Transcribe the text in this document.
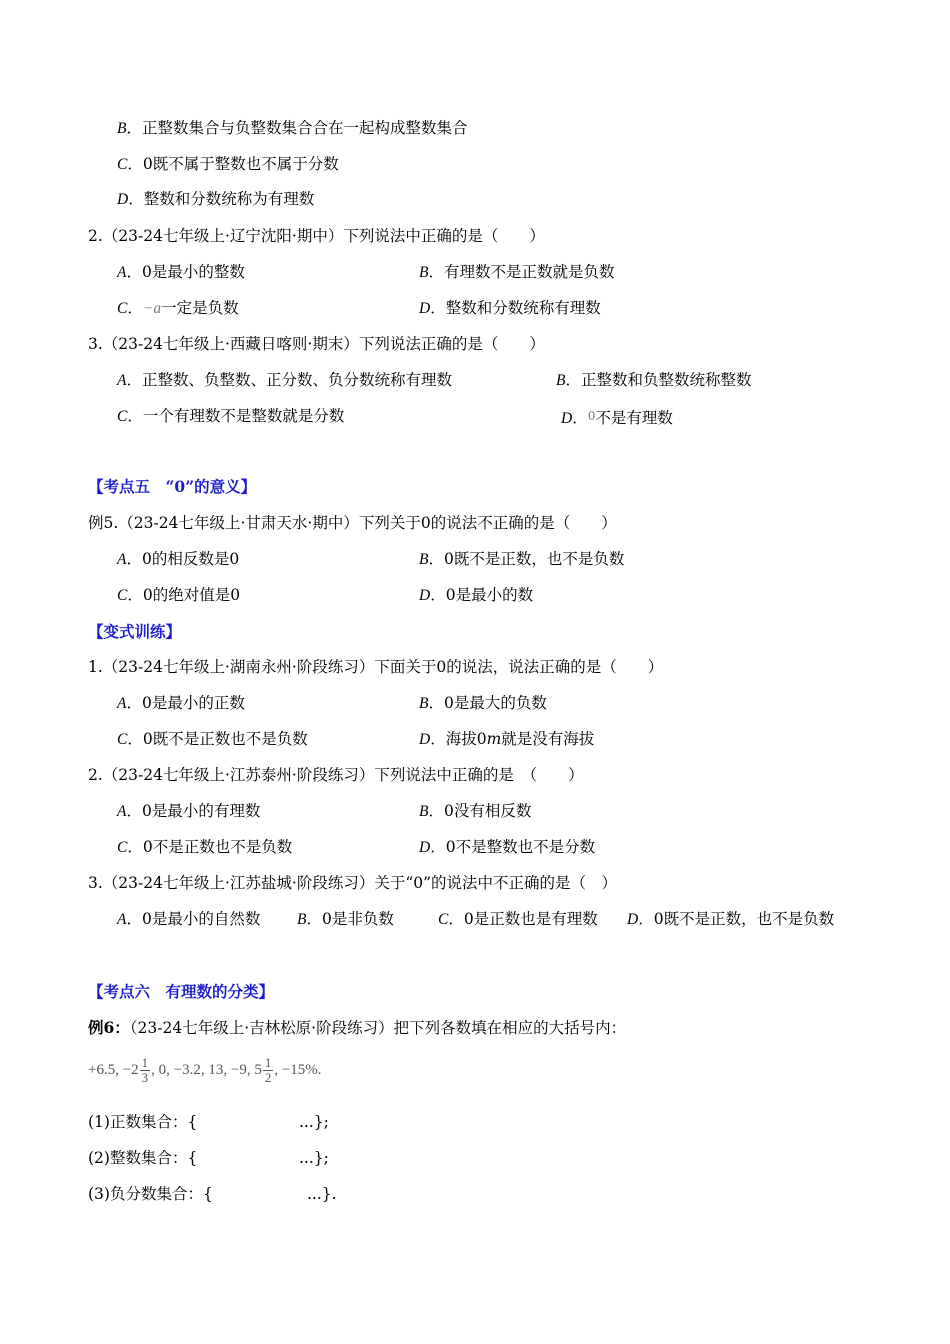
B．正整数集合与负整数集合合在一起构成整数集合
C．0既不属于整数也不属于分数
D．整数和分数统称为有理数
2.（23-24七年级上·辽宁沈阳·期中）下列说法中正确的是（　　）
A．0是最小的整数	B．有理数不是正数就是负数
C．−a一定是负数	D．整数和分数统称有理数
3.（23-24七年级上·西藏日喀则·期末）下列说法正确的是（　　）
A．正整数、负整数、正分数、负分数统称有理数	B．正整数和负整数统称整数
C．一个有理数不是整数就是分数	D．0不是有理数
【考点五　“0”的意义】
例5.（23-24七年级上·甘肃天水·期中）下列关于0的说法不正确的是（　　）
A．0的相反数是0	B．0既不是正数，也不是负数
C．0的绝对值是0	D．0是最小的数
【变式训练】
1.（23-24七年级上·湖南永州·阶段练习）下面关于0的说法，说法正确的是（　　）
A．0是最小的正数	B．0是最大的负数
C．0既不是正数也不是负数	D．海拔0m就是没有海拔
2.（23-24七年级上·江苏泰州·阶段练习）下列说法中正确的是　（　　）
A．0是最小的有理数	B．0没有相反数
C．0不是正数也不是负数	D．0不是整数也不是分数
3.（23-24七年级上·江苏盐城·阶段练习）关于“0”的说法中不正确的是（　）
A．0是最小的自然数 B．0是非负数	C．0是正数也是有理数 D．0既不是正数，也不是负数
【考点六　有理数的分类】
例6：（23-24七年级上·吉林松原·阶段练习）把下列各数填在相应的大括号内：
+6.5, $-2 \frac{1}{3}$ , 0, −3.2, 13, −9, $5 \frac{1}{2}$ , −15%.
(1)正数集合：{	...};
(2)整数集合：{	...};
(3)负分数集合：{	...}.
